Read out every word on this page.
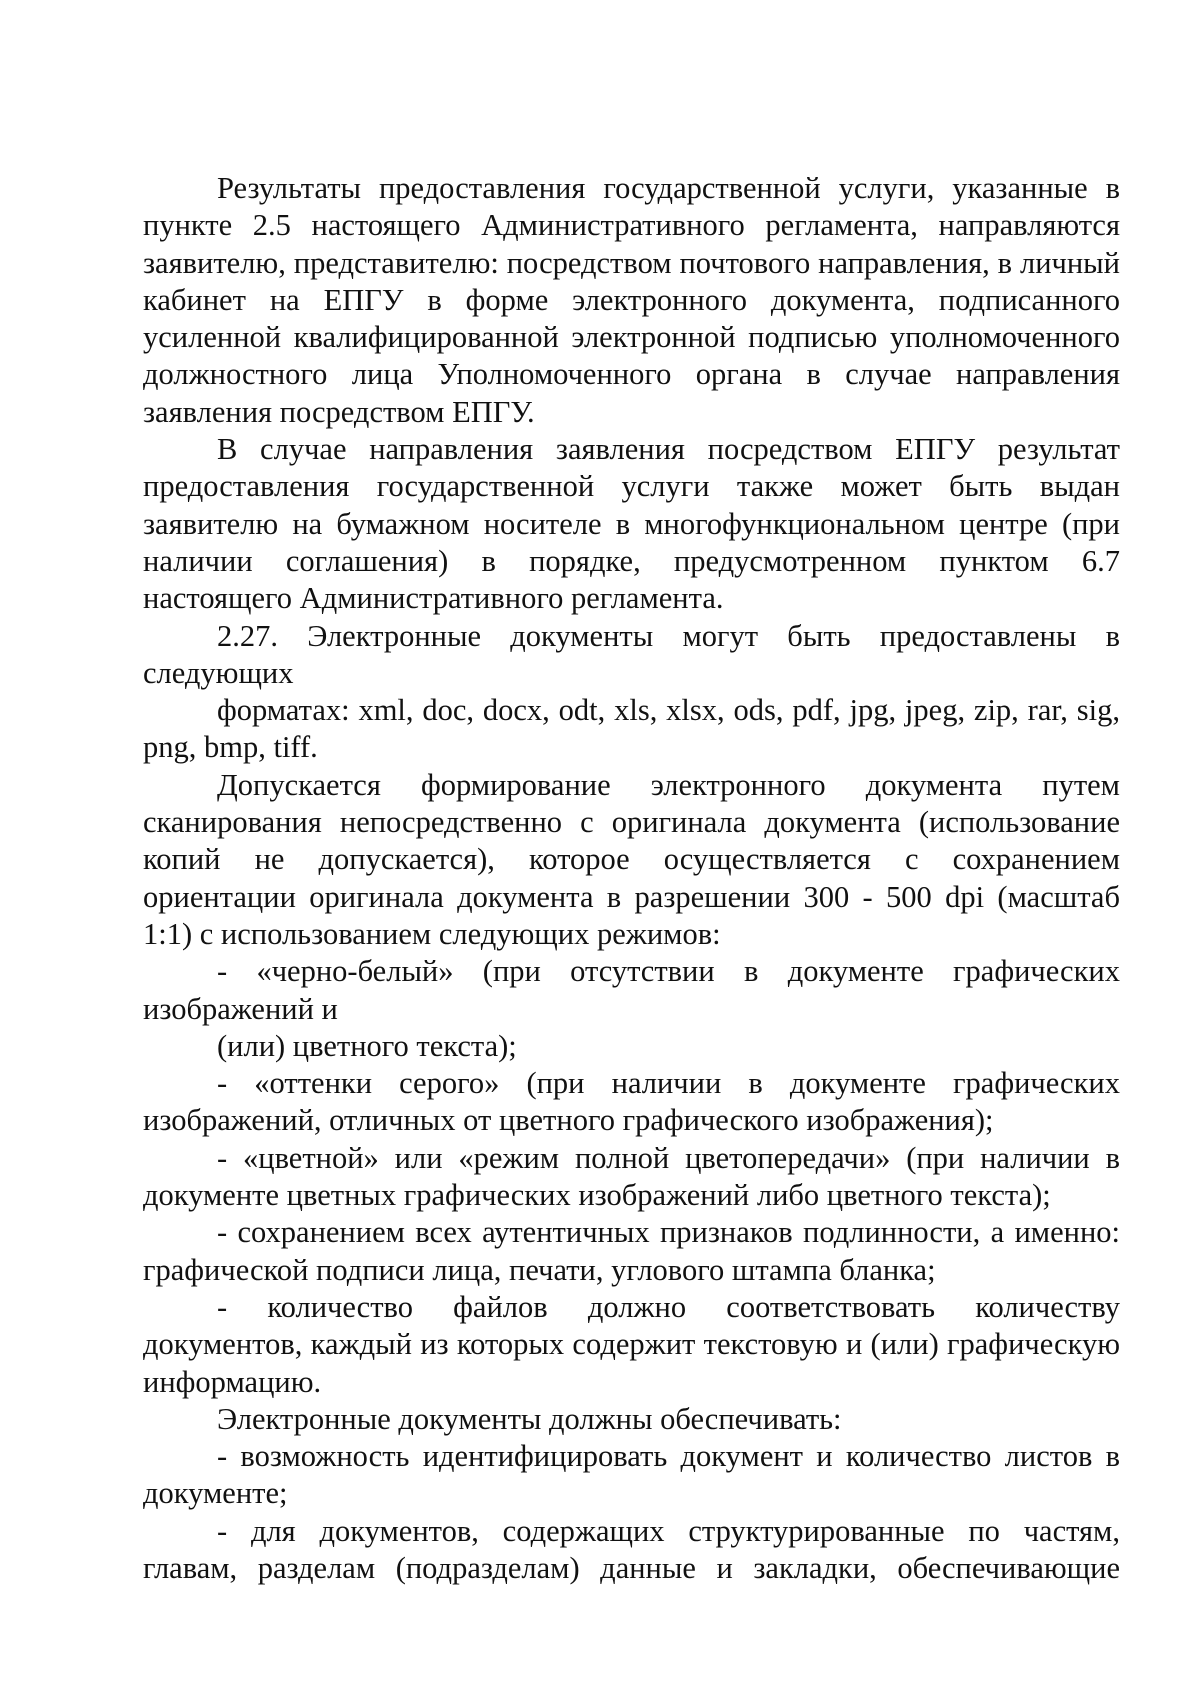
Результаты предоставления государственной услуги, указанные в пункте 2.5 настоящего Административного регламента, направляются заявителю, представителю: посредством почтового направления, в личный кабинет на ЕПГУ в форме электронного документа, подписанного усиленной квалифицированной электронной подписью уполномоченного должностного лица Уполномоченного органа в случае направления заявления посредством ЕПГУ.

В случае направления заявления посредством ЕПГУ результат предоставления государственной услуги также может быть выдан заявителю на бумажном носителе в многофункциональном центре (при наличии соглашения) в порядке, предусмотренном пунктом 6.7 настоящего Административного регламента.

2.27. Электронные документы могут быть предоставлены в следующих

форматах: xml, doc, docx, odt, xls, xlsx, ods, pdf, jpg, jpeg, zip, rar, sig, png, bmp, tiff.

Допускается формирование электронного документа путем сканирования непосредственно с оригинала документа (использование копий не допускается), которое осуществляется с сохранением ориентации оригинала документа в разрешении 300 - 500 dpi (масштаб 1:1) с использованием следующих режимов:

- «черно-белый» (при отсутствии в документе графических изображений и

(или) цветного текста);

- «оттенки серого» (при наличии в документе графических изображений, отличных от цветного графического изображения);

- «цветной» или «режим полной цветопередачи» (при наличии в документе цветных графических изображений либо цветного текста);

- сохранением всех аутентичных признаков подлинности, а именно: графической подписи лица, печати, углового штампа бланка;

- количество файлов должно соответствовать количеству документов, каждый из которых содержит текстовую и (или) графическую информацию.

Электронные документы должны обеспечивать:

- возможность идентифицировать документ и количество листов в документе;

- для документов, содержащих структурированные по частям, главам, разделам (подразделам) данные и закладки, обеспечивающие
